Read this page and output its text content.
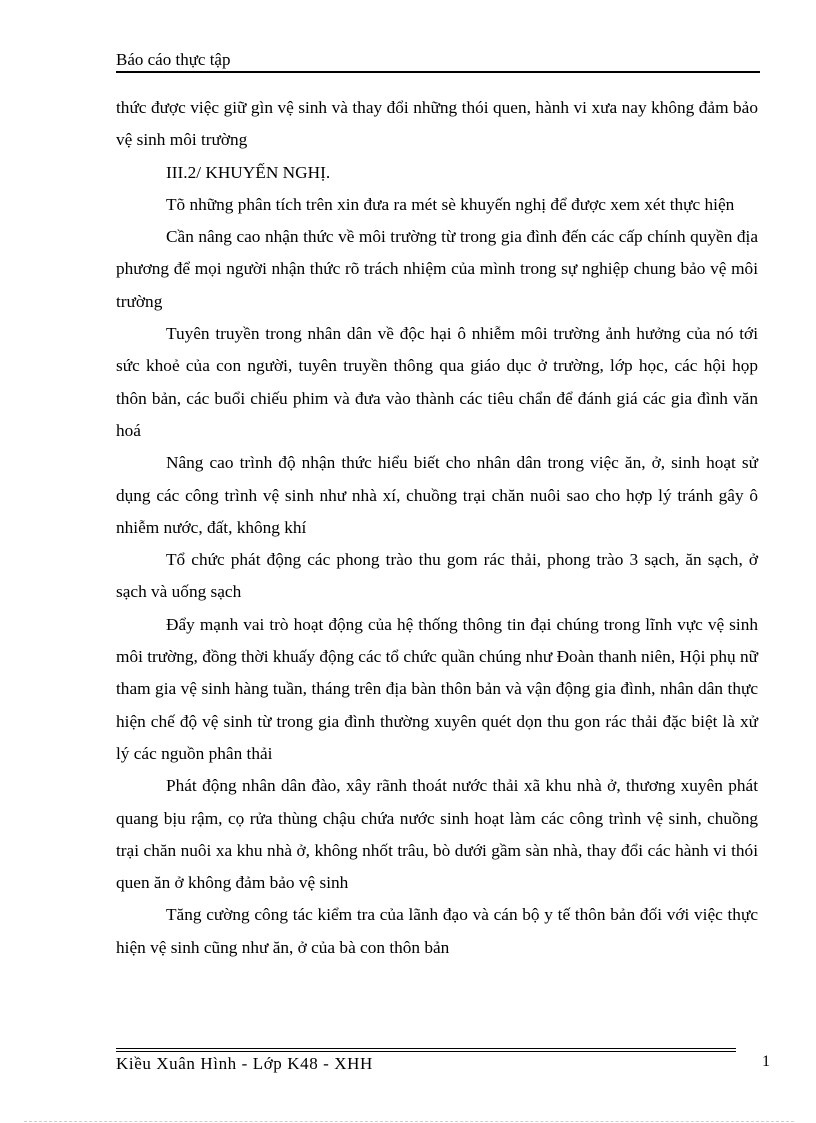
Báo cáo thực tập

thức được việc giữ gìn vệ sinh và thay đổi những thói quen, hành vi xưa nay không đảm bảo vệ sinh môi trường

III.2/ KHUYẾN NGHỊ.

Tõ những phân tích trên xin đưa ra mét sè khuyến nghị để được xem xét thực hiện

Cần nâng cao nhận thức về môi trường từ trong gia đình đến các cấp chính quyền địa phương để mọi người nhận thức rõ trách nhiệm của mình trong sự nghiệp chung bảo vệ môi trường

Tuyên truyền trong nhân dân về độc hại ô nhiễm môi trường ảnh hưởng của nó tới sức khoẻ của con người, tuyên truyền thông qua giáo dục ở trường, lớp học, các hội họp thôn bản, các buổi chiếu phim và đưa vào thành các tiêu chẩn để đánh giá các gia đình văn hoá

Nâng cao trình độ nhận thức hiểu biết cho nhân dân trong việc ăn, ở, sinh hoạt sử dụng các công trình vệ sinh như nhà xí, chuồng trại chăn nuôi sao cho hợp lý tránh gây ô nhiễm nước, đất, không khí

Tổ chức phát động các phong trào thu gom rác thải, phong trào 3 sạch, ăn sạch, ở sạch và uống sạch

Đẩy mạnh vai trò hoạt động của hệ thống thông tin đại chúng trong lĩnh vực vệ sinh môi trường, đồng thời khuấy động các tổ chức quần chúng như Đoàn thanh niên, Hội phụ nữ tham gia vệ sinh hàng tuần, tháng trên địa bàn thôn bản và vận động gia đình, nhân dân thực hiện chế độ vệ sinh từ trong gia đình thường xuyên quét dọn thu gon rác thải đặc biệt là xử lý các nguồn phân thải

Phát động nhân dân đào, xây rãnh thoát nước thải xã khu nhà ở, thương xuyên phát quang bịu rậm, cọ rửa thùng chậu chứa nước sinh hoạt làm các công trình vệ sinh, chuồng trại chăn nuôi xa khu nhà ở, không nhốt trâu, bò dưới gầm sàn nhà, thay đổi các hành vi thói quen ăn ở không đảm bảo vệ sinh

Tăng cường công tác kiểm tra của lãnh đạo và cán bộ y tế thôn bản đối với việc thực hiện vệ sinh cũng như ăn, ở của bà con thôn bản

Kiều Xuân Hình - Lớp K48 - XHH	1
